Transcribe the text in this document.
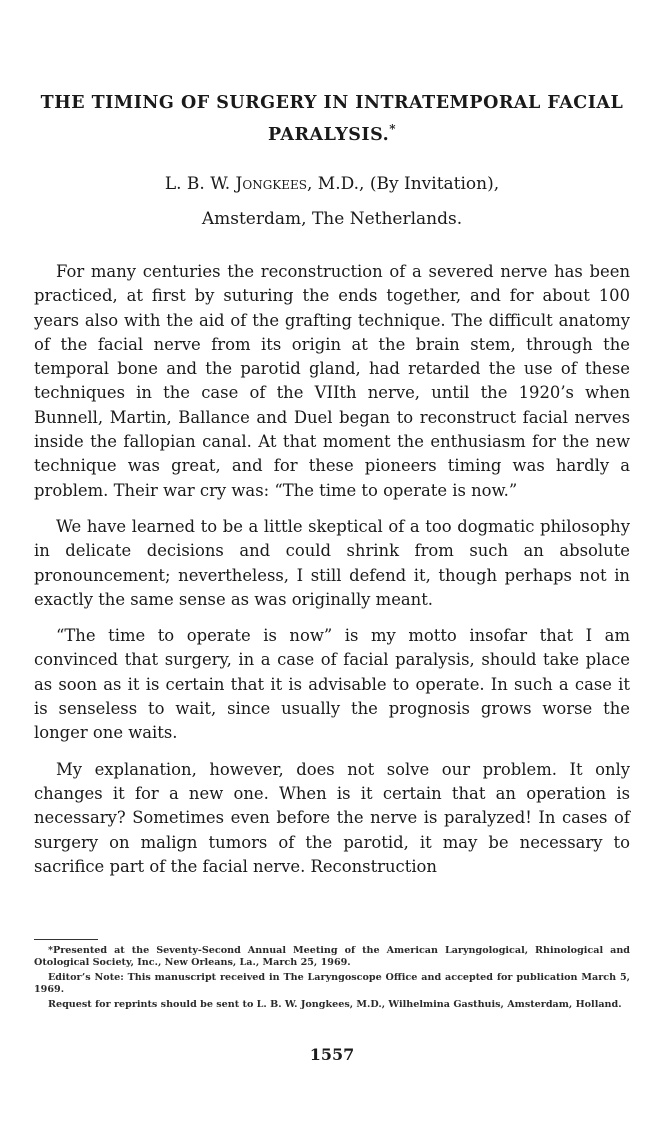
THE TIMING OF SURGERY IN INTRATEMPORAL FACIAL PARALYSIS.*
L. B. W. Jongkees, M.D., (By Invitation),
Amsterdam, The Netherlands.

For many centuries the reconstruction of a severed nerve has been practiced, at first by suturing the ends together, and for about 100 years also with the aid of the grafting technique. The difficult anatomy of the facial nerve from its origin at the brain stem, through the temporal bone and the parotid gland, had retarded the use of these techniques in the case of the VIIth nerve, until the 1920’s when Bunnell, Martin, Ballance and Duel began to reconstruct facial nerves inside the fallopian canal. At that moment the enthusiasm for the new technique was great, and for these pioneers timing was hardly a problem. Their war cry was: “The time to operate is now.”

We have learned to be a little skeptical of a too dogmatic philosophy in delicate decisions and could shrink from such an absolute pronouncement; nevertheless, I still defend it, though perhaps not in exactly the same sense as was originally meant.

“The time to operate is now” is my motto insofar that I am convinced that surgery, in a case of facial paralysis, should take place as soon as it is certain that it is advisable to operate. In such a case it is senseless to wait, since usually the prognosis grows worse the longer one waits.

My explanation, however, does not solve our problem. It only changes it for a new one. When is it certain that an operation is necessary? Sometimes even before the nerve is paralyzed! In cases of surgery on malign tumors of the parotid, it may be necessary to sacrifice part of the facial nerve. Reconstruction

*Presented at the Seventy-Second Annual Meeting of the American Laryngological, Rhinological and Otological Society, Inc., New Orleans, La., March 25, 1969.

Editor’s Note: This manuscript received in The Laryngoscope Office and accepted for publication March 5, 1969.

Request for reprints should be sent to L. B. W. Jongkees, M.D., Wilhelmina Gasthuis, Amsterdam, Holland.

1557
